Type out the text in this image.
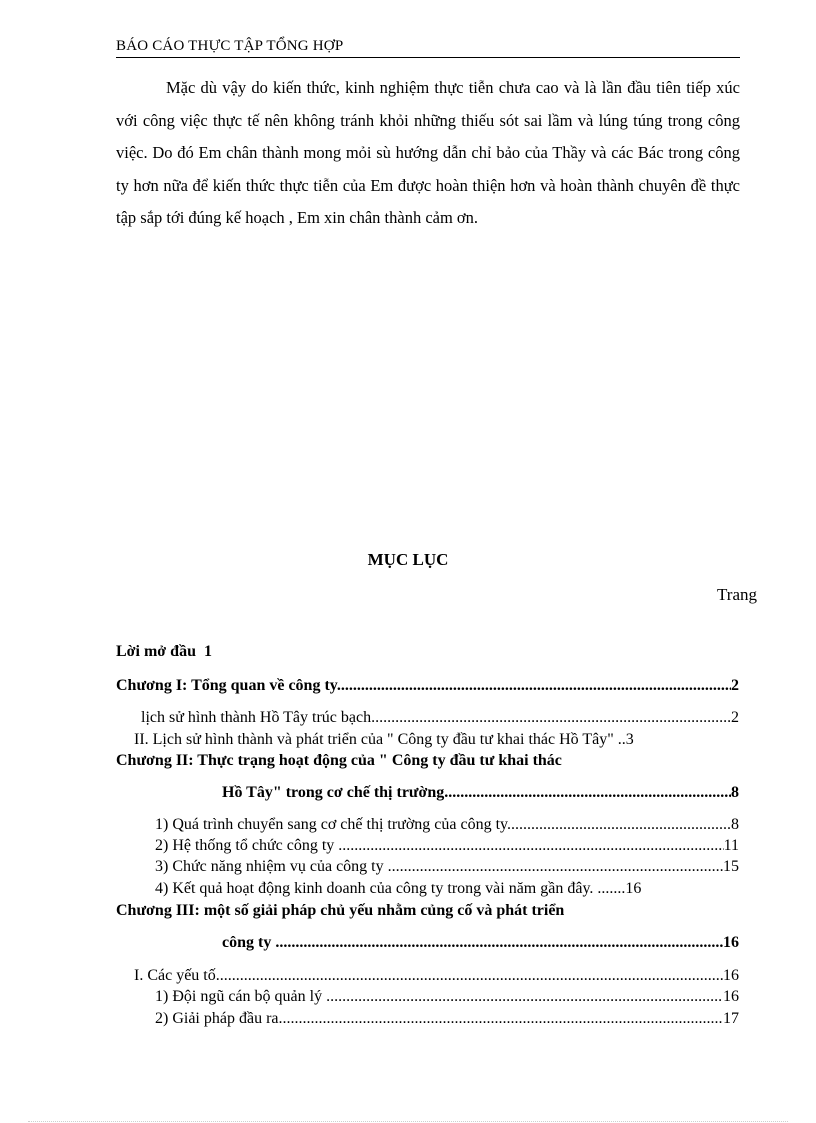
BÁO CÁO THỰC TẬP TỔNG HỢP

Mặc dù vậy do kiến thức, kinh nghiệm thực tiễn chưa cao và là lần đầu tiên tiếp xúc với công việc thực tế nên không tránh khỏi những thiếu sót sai lầm và lúng túng trong công việc. Do đó Em chân thành mong mỏi sù hướng dẫn chỉ bảo của Thầy và các Bác trong công ty hơn nữa để kiến thức thực tiễn của Em được hoàn thiện hơn và hoàn thành chuyên đề thực tập sắp tới đúng kế hoạch , Em xin chân thành cảm ơn.

MỤC LỤC
Trang
Lời mở đầu 1
Chương I: Tổng quan về công ty. .....	2
lịch sử hình thành Hồ Tây trúc bạch .....	2
II. Lịch sử hình thành và phát triển của " Công ty đầu tư khai thác Hồ Tây" .. 3
Chương II: Thực trạng hoạt động của " Công ty đầu tư khai thác
Hồ Tây" trong cơ chế thị trường .....	8
1) Quá trình chuyển sang cơ chế thị trường của công ty. .....	8
2) Hệ thống tổ chức công ty . .....	11
3) Chức năng nhiệm vụ của công ty . .....	15
4) Kết quả hoạt động kinh doanh của công ty trong vài năm gần đây. ....... 16
Chương III: một số giải pháp chủ yếu nhằm củng cố và phát triển
công ty . .....	16
I. Các yếu tố .....	16
1) Đội ngũ cán bộ quản lý . .....	16
2) Giải pháp đầu ra. .....	17
